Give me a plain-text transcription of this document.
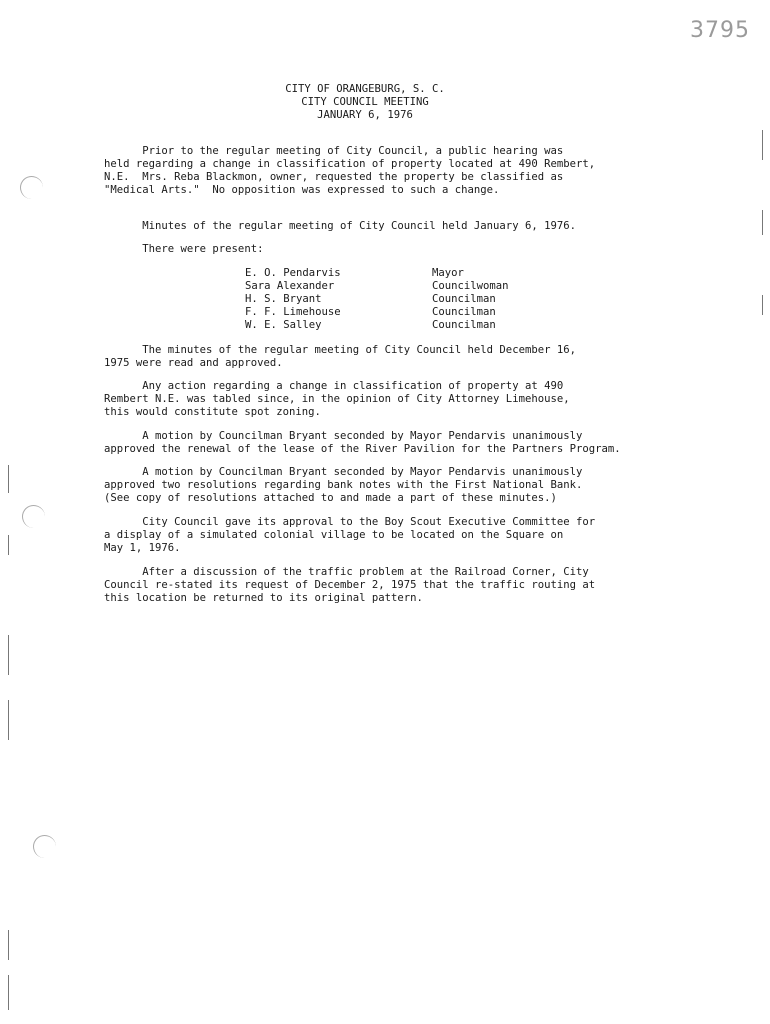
3795
CITY OF ORANGEBURG, S. C.
CITY COUNCIL MEETING
JANUARY 6, 1976
Prior to the regular meeting of City Council, a public hearing was
held regarding a change in classification of property located at 490 Rembert,
N.E.  Mrs. Reba Blackmon, owner, requested the property be classified as
"Medical Arts."  No opposition was expressed to such a change.
Minutes of the regular meeting of City Council held January 6, 1976.
There were present:
E. O. Pendarvis	Mayor
Sara Alexander	Councilwoman
H. S. Bryant	Councilman
F. F. Limehouse	Councilman
W. E. Salley	Councilman
The minutes of the regular meeting of City Council held December 16,
1975 were read and approved.
Any action regarding a change in classification of property at 490
Rembert N.E. was tabled since, in the opinion of City Attorney Limehouse,
this would constitute spot zoning.
A motion by Councilman Bryant seconded by Mayor Pendarvis unanimously
approved the renewal of the lease of the River Pavilion for the Partners Program.
A motion by Councilman Bryant seconded by Mayor Pendarvis unanimously
approved two resolutions regarding bank notes with the First National Bank.
(See copy of resolutions attached to and made a part of these minutes.)
City Council gave its approval to the Boy Scout Executive Committee for
a display of a simulated colonial village to be located on the Square on
May 1, 1976.
After a discussion of the traffic problem at the Railroad Corner, City
Council re-stated its request of December 2, 1975 that the traffic routing at
this location be returned to its original pattern.
